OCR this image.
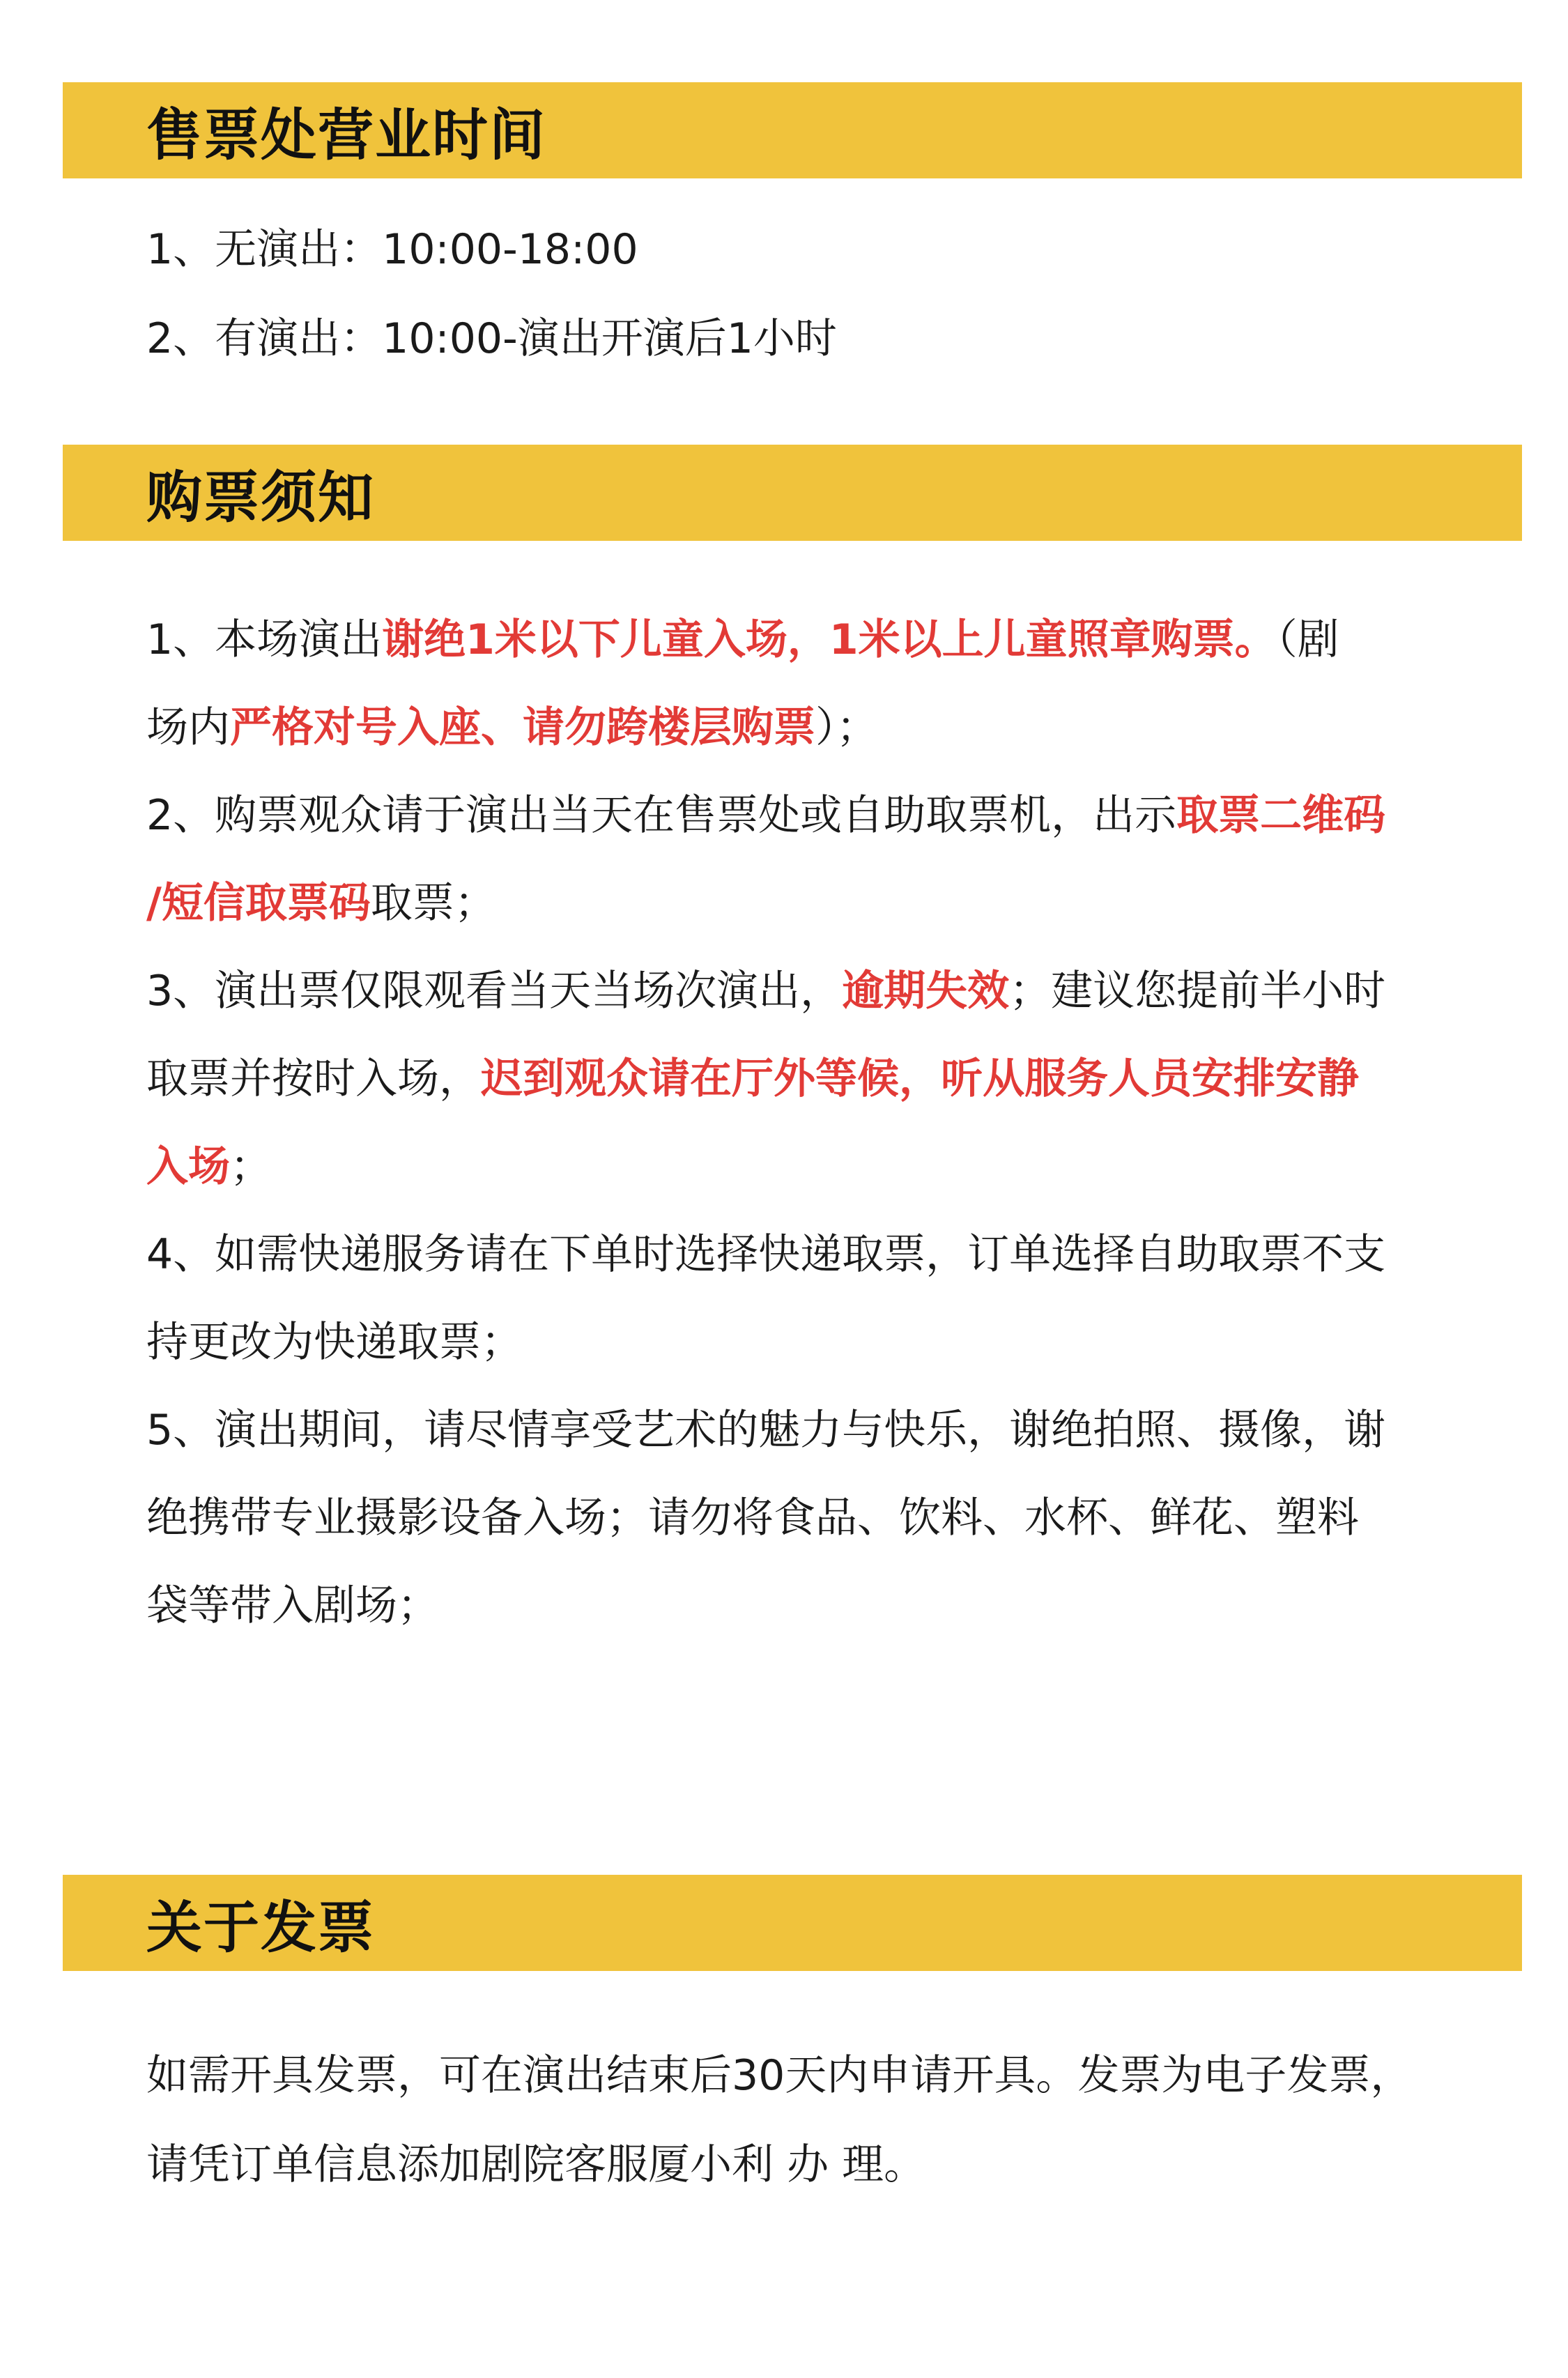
售票处营业时间

1、无演出：10:00-18:00

2、有演出：10:00-演出开演后1小时

购票须知

1、本场演出谢绝1米以下儿童入场，1米以上儿童照章购票。（剧

场内严格对号入座、请勿跨楼层购票）；

2、购票观众请于演出当天在售票处或自助取票机，出示取票二维码

/短信取票码取票；

3、演出票仅限观看当天当场次演出，逾期失效；建议您提前半小时

取票并按时入场，迟到观众请在厅外等候，听从服务人员安排安静

入场；

4、如需快递服务请在下单时选择快递取票，订单选择自助取票不支

持更改为快递取票；

5、演出期间，请尽情享受艺术的魅力与快乐，谢绝拍照、摄像，谢

绝携带专业摄影设备入场；请勿将食品、饮料、水杯、鲜花、塑料

袋等带入剧场；

关于发票

如需开具发票，可在演出结束后30天内申请开具。发票为电子发票，

请凭订单信息添加剧院客服厦小利 办 理。
